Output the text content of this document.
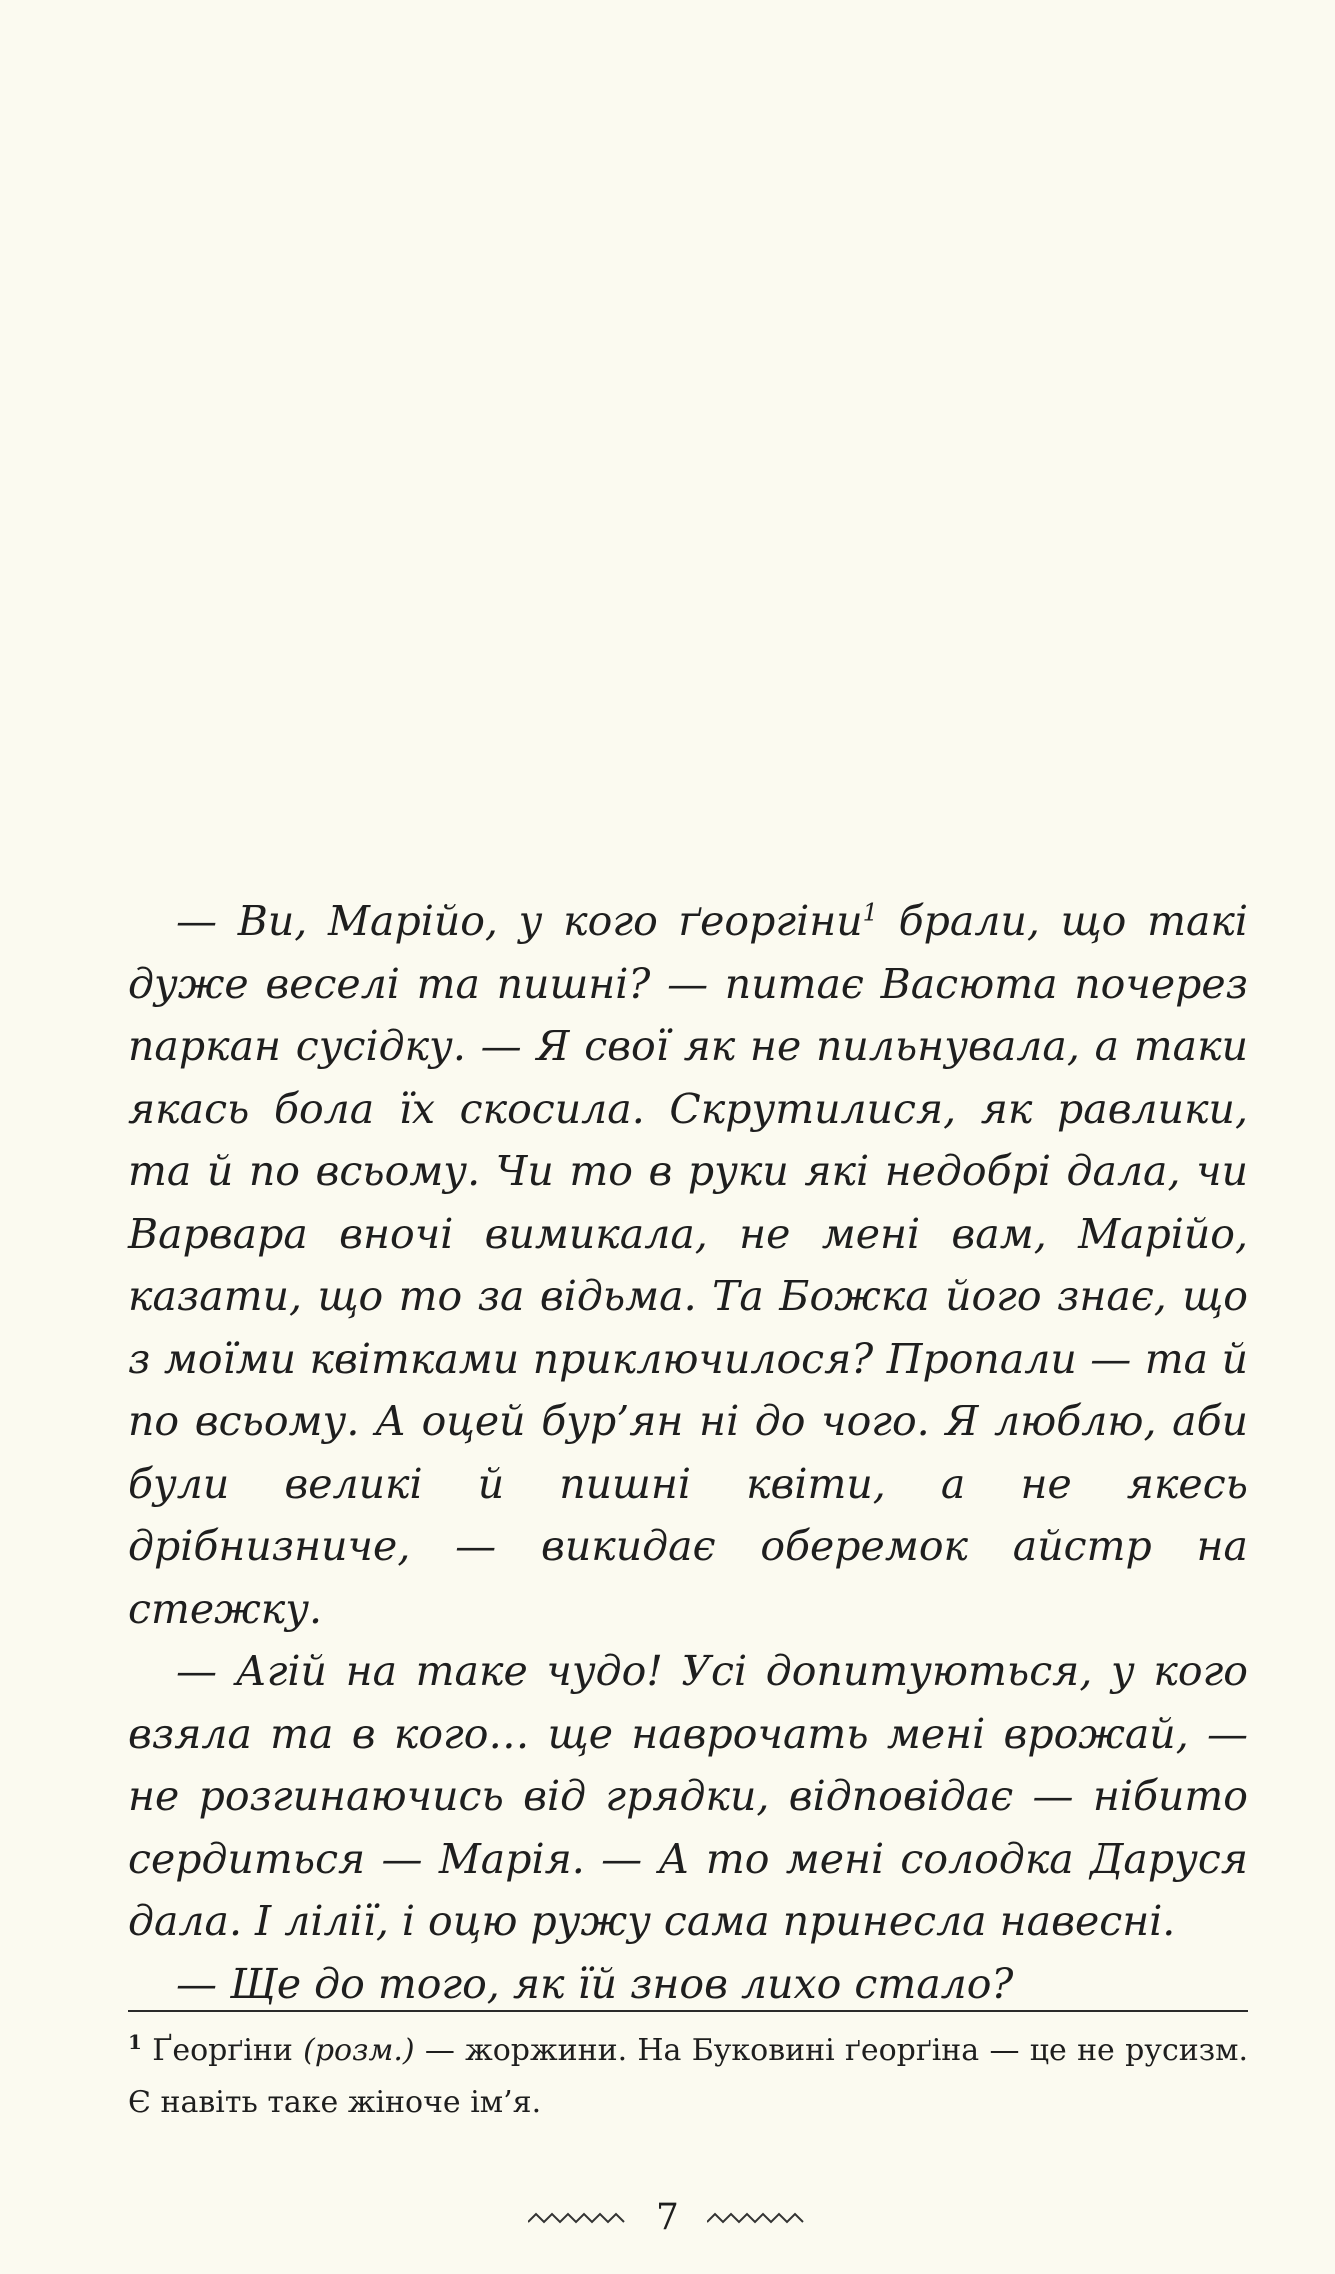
— Ви, Марійо, у кого ґеоргіни$^1$ брали, що такі дуже веселі та пишні? — питає Васюта почерез паркан сусідку. — Я свої як не пильнувала, а таки якась бола їх скосила. Скрутилися, як равлики, та й по всьому. Чи то в руки які недобрі дала, чи Варвара вночі вимикала, не мені вам, Марійо, казати, що то за відьма. Та Божка його знає, що з моїми квітками приключилося? Пропали — та й по всьому. А оцей бур’ян ні до чого. Я люблю, аби були великі й пишні квіти, а не якесь дрібнизниче, — викидає оберемок айстр на стежку.

— Агій на таке чудо! Усі допитуються, у кого взяла та в кого… ще наврочать мені врожай, — не розгинаючись від грядки, відповідає — нібито сердиться — Марія. — А то мені солодка Даруся дала. І лілії, і оцю ружу сама принесла навесні.

— Ще до того, як їй знов лихо стало?

$^1$ Ґеорґіни (розм.) — жоржини. На Буковині ґеорґіна — це не русизм. Є навіть таке жіноче ім’я.
7
